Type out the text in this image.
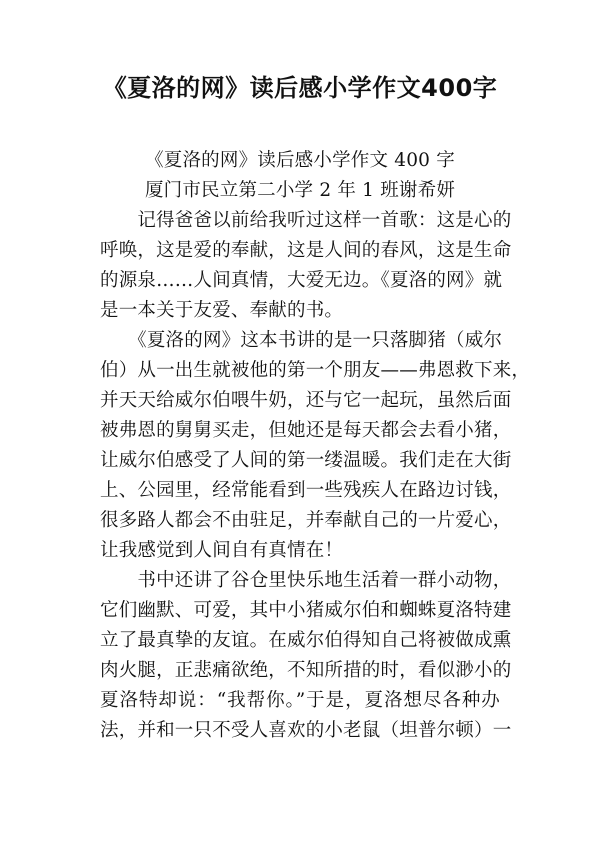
《夏洛的网》读后感小学作文400字

《夏洛的网》读后感小学作文 400 字

厦门市民立第二小学 2 年 1 班谢希妍

　　记得爸爸以前给我听过这样一首歌：这是心的
呼唤，这是爱的奉献，这是人间的春风，这是生命
的源泉……人间真情，大爱无边。《夏洛的网》就
是一本关于友爱、奉献的书。

　　《夏洛的网》这本书讲的是一只落脚猪（威尔
伯）从一出生就被他的第一个朋友——弗恩救下来，
并天天给威尔伯喂牛奶，还与它一起玩，虽然后面
被弗恩的舅舅买走，但她还是每天都会去看小猪，
让威尔伯感受了人间的第一缕温暖。我们走在大街
上、公园里，经常能看到一些残疾人在路边讨钱，
很多路人都会不由驻足，并奉献自己的一片爱心，
让我感觉到人间自有真情在！

　　书中还讲了谷仓里快乐地生活着一群小动物，
它们幽默、可爱，其中小猪威尔伯和蜘蛛夏洛特建
立了最真挚的友谊。在威尔伯得知自己将被做成熏
肉火腿，正悲痛欲绝，不知所措的时，看似渺小的
夏洛特却说：“我帮你。”于是，夏洛想尽各种办
法，并和一只不受人喜欢的小老鼠（坦普尔顿）一
